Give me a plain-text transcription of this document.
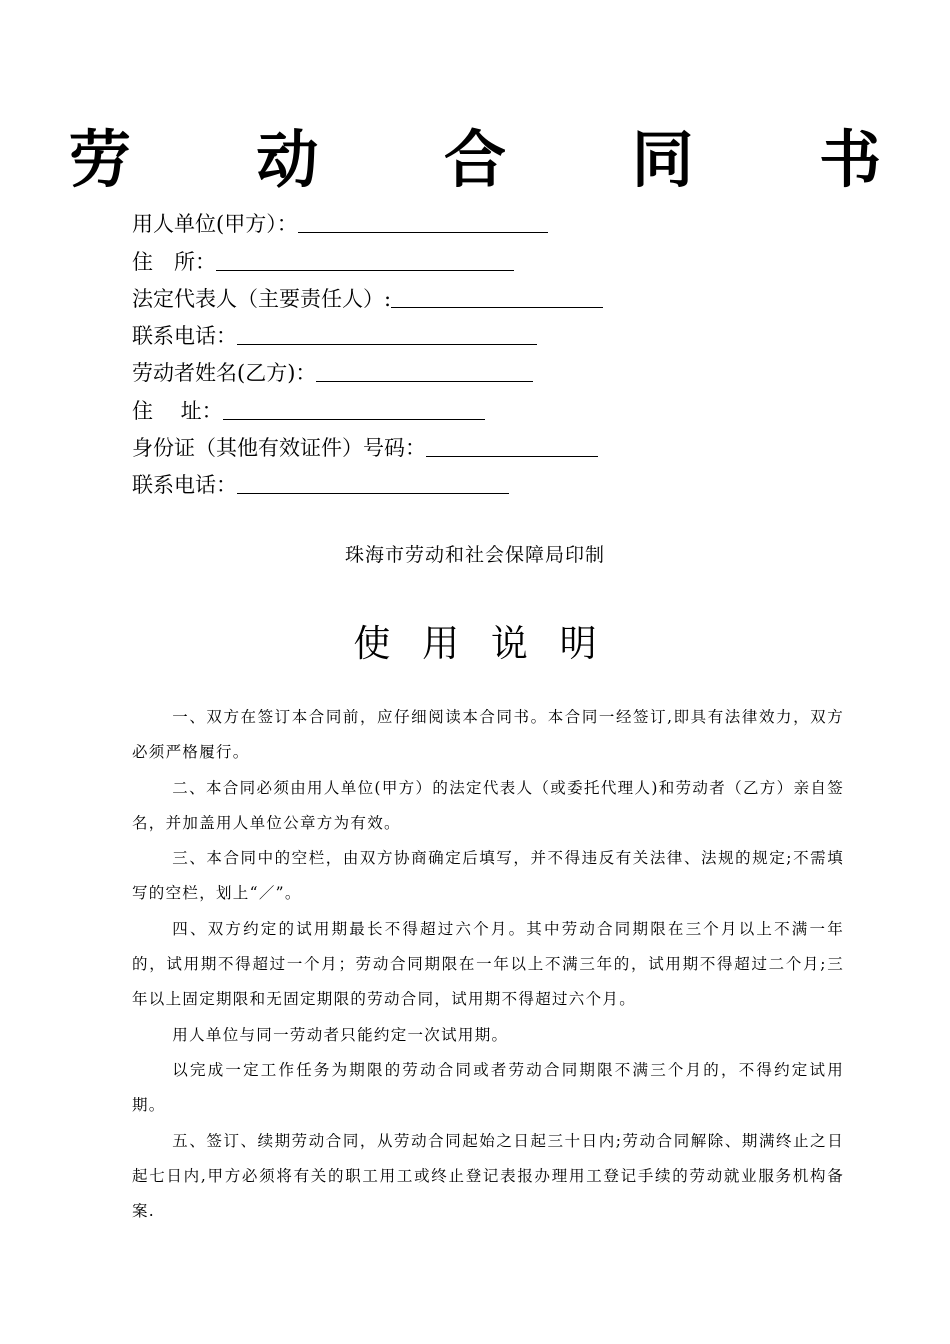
劳 动 合 同 书
用人单位(甲方）：
住　所：
法定代表人（主要责任人）:
联系电话：
劳动者姓名(乙方)：
住　 址：
身份证（其他有效证件）号码：
联系电话：
珠海市劳动和社会保障局印制
使 用 说 明

一、双方在签订本合同前，应仔细阅读本合同书。本合同一经签订,即具有法律效力，双方必须严格履行。

二、本合同必须由用人单位(甲方）的法定代表人（或委托代理人)和劳动者（乙方）亲自签名，并加盖用人单位公章方为有效。

三、本合同中的空栏，由双方协商确定后填写，并不得违反有关法律、法规的规定;不需填写的空栏，划上“／”。

四、双方约定的试用期最长不得超过六个月。其中劳动合同期限在三个月以上不满一年的，试用期不得超过一个月；劳动合同期限在一年以上不满三年的，试用期不得超过二个月;三年以上固定期限和无固定期限的劳动合同，试用期不得超过六个月。

用人单位与同一劳动者只能约定一次试用期。

以完成一定工作任务为期限的劳动合同或者劳动合同期限不满三个月的，不得约定试用期。

五、签订、续期劳动合同，从劳动合同起始之日起三十日内;劳动合同解除、期满终止之日起七日内,甲方必须将有关的职工用工或终止登记表报办理用工登记手续的劳动就业服务机构备案.
